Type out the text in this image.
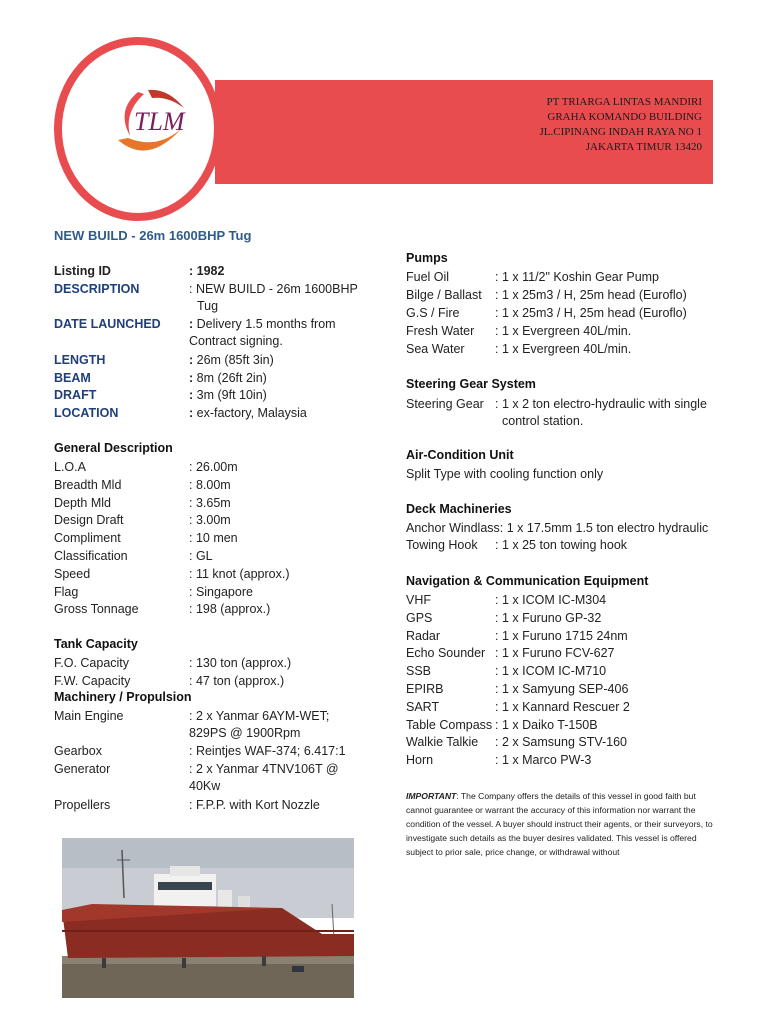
TLM
PT TRIARGA LINTAS MANDIRI
GRAHA KOMANDO BUILDING
JL.CIPINANG INDAH RAYA NO 1
JAKARTA TIMUR 13420
NEW BUILD - 26m 1600BHP Tug
Listing ID	: 1982
DESCRIPTION	: NEW BUILD - 26m 1600BHP
Tug
DATE LAUNCHED : Delivery 1.5 months from
Contract signing.
LENGTH	: 26m (85ft 3in)
BEAM	: 8m (26ft 2in)
DRAFT	: 3m (9ft 10in)
LOCATION	: ex-factory, Malaysia
General Description
L.O.A	: 26.00m
Breadth Mld	: 8.00m
Depth Mld	: 3.65m
Design Draft	: 3.00m
Compliment	: 10 men
Classification	: GL
Speed	: 11 knot (approx.)
Flag	: Singapore
Gross Tonnage	: 198 (approx.)
Tank Capacity
F.O. Capacity	: 130 ton (approx.)
F.W. Capacity	: 47 ton (approx.)
Machinery / Propulsion
Main Engine	: 2 x Yanmar 6AYM-WET;
829PS @ 1900Rpm
Gearbox	: Reintjes WAF-374; 6.417:1
Generator	: 2 x Yanmar 4TNV106T @
40Kw
Propellers	: F.P.P. with Kort Nozzle
Pumps
Fuel Oil	: 1 x 11/2" Koshin Gear Pump
Bilge / Ballast : 1 x 25m3 / H, 25m head (Euroflo)
G.S / Fire	: 1 x 25m3 / H, 25m head (Euroflo)
Fresh Water : 1 x Evergreen 40L/min.
Sea Water : 1 x Evergreen 40L/min.
Steering Gear System
Steering Gear : 1 x 2 ton electro-hydraulic with single
control station.
Air-Condition Unit
Split Type with cooling function only
Deck Machineries
Anchor Windlass: 1 x 17.5mm 1.5 ton electro hydraulic
Towing Hook : 1 x 25 ton towing hook
Navigation & Communication Equipment
VHF	: 1 x ICOM IC-M304
GPS	: 1 x Furuno GP-32
Radar	: 1 x Furuno 1715 24nm
Echo Sounder : 1 x Furuno FCV-627
SSB	: 1 x ICOM IC-M710
EPIRB	: 1 x Samyung SEP-406
SART	: 1 x Kannard Rescuer 2
Table Compass : 1 x Daiko T-150B
Walkie Talkie : 2 x Samsung STV-160
Horn	: 1 x Marco PW-3
IMPORTANT: The Company offers the details of this vessel in good faith but cannot guarantee or warrant the accuracy of this information nor warrant the condition of the vessel. A buyer should instruct their agents, or their surveyors, to investigate such details as the buyer desires validated. This vessel is offered subject to prior sale, price change, or withdrawal without
